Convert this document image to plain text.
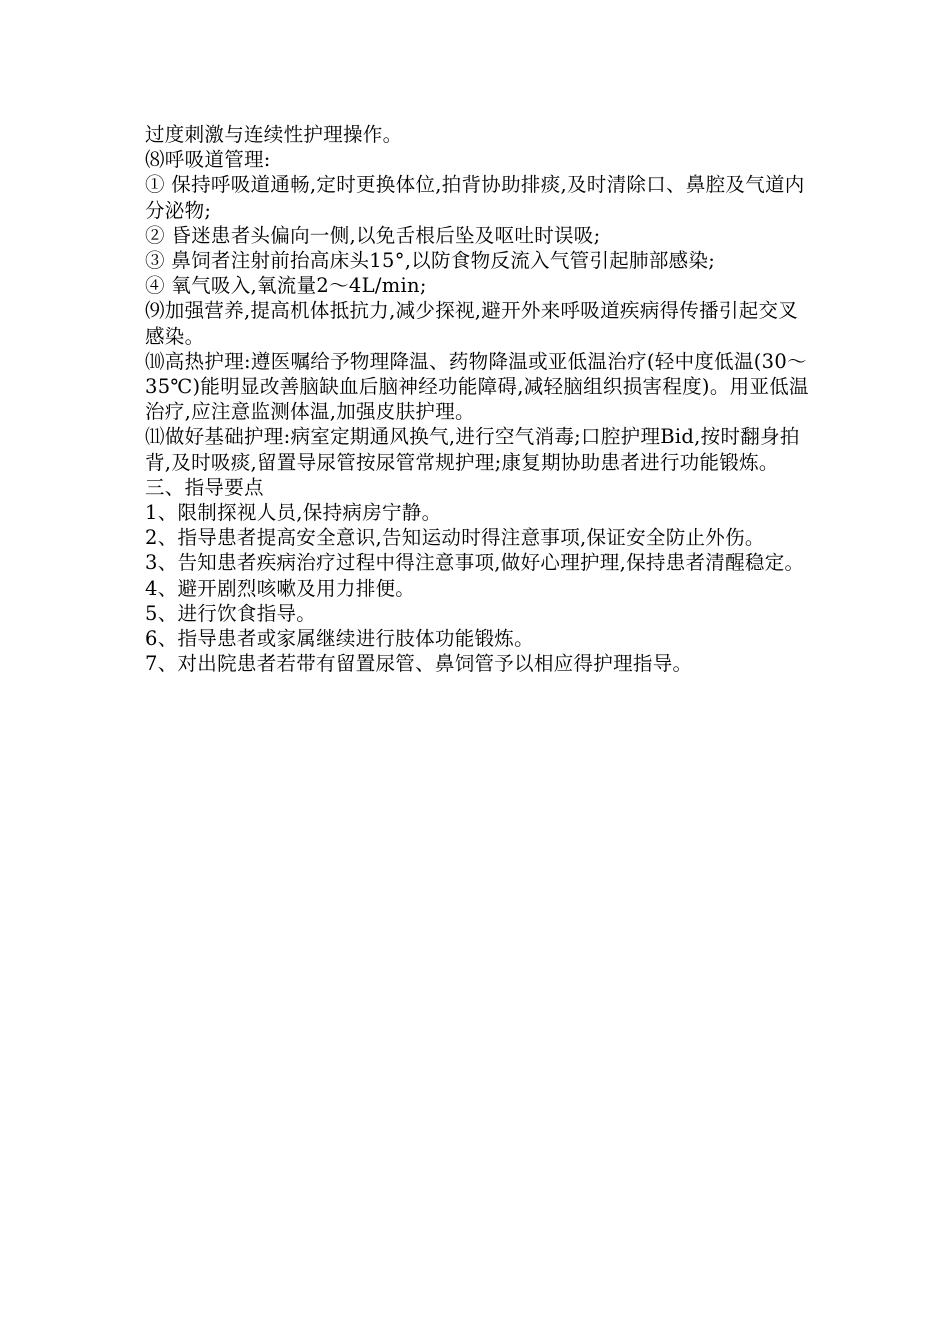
过度刺激与连续性护理操作。

⑻呼吸道管理:

① 保持呼吸道通畅,定时更换体位,拍背协助排痰,及时清除口、鼻腔及气道内分泌物;

② 昏迷患者头偏向一侧,以免舌根后坠及呕吐时误吸;

③ 鼻饲者注射前抬高床头15°,以防食物反流入气管引起肺部感染;

④ 氧气吸入,氧流量2～4L/min;

⑼加强营养,提高机体抵抗力,减少探视,避开外来呼吸道疾病得传播引起交叉感染。

⑽高热护理:遵医嘱给予物理降温、药物降温或亚低温治疗(轻中度低温(30～35℃)能明显改善脑缺血后脑神经功能障碍,减轻脑组织损害程度)。用亚低温治疗,应注意监测体温,加强皮肤护理。

⑾做好基础护理:病室定期通风换气,进行空气消毒;口腔护理Bid,按时翻身拍背,及时吸痰,留置导尿管按尿管常规护理;康复期协助患者进行功能锻炼。

三、指导要点

1、限制探视人员,保持病房宁静。

2、指导患者提高安全意识,告知运动时得注意事项,保证安全防止外伤。

3、告知患者疾病治疗过程中得注意事项,做好心理护理,保持患者清醒稳定。

4、避开剧烈咳嗽及用力排便。

5、进行饮食指导。

6、指导患者或家属继续进行肢体功能锻炼。

7、对出院患者若带有留置尿管、鼻饲管予以相应得护理指导。
